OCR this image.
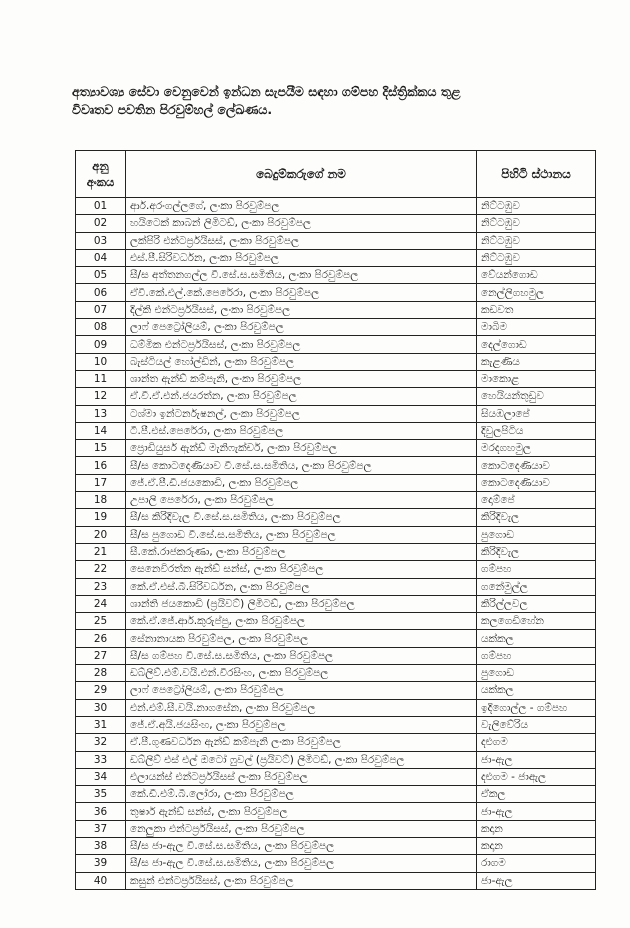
අත්‍යාවශ්‍ය සේවා වෙනුවෙන් ඉන්ධන සැපයීම සඳහා ගම්පහ දිස්ත්‍රික්කය තුළ
විවෘතව පවතින පිරවුම්හල් ලේඛණය.
අනු
අංකය	බෙදුම්කරුගේ නම	පිහිටි ස්ථානය
01	ආර්.අරංගල්ලගේ, ලංකා පිරවුම්පල	නිට්ටඹුව
02	හයිටෙක් කාබන් ලිමිටඩ්, ලංකා පිරවුම්පල	නිට්ටඹුව
03	ලක්පිරි එන්ටර්ප්‍රයිසස්, ලංකා පිරවුම්පල	නිට්ටඹුව
04	එස්.පී.සිරිවර්ධන, ලංකා පිරවුම්පල	නිට්ටඹුව
05	සී/ස අත්තනගල්ල වී.සේ.ස.සමිතිය, ලංකා පිරවුම්පල	වේයන්ගොඩ
06	ඒවී.කේ.එල්.කේ.පෙරේරා, ලංකා පිරවුම්පල	නෙල්ලිගහමුල
07	දිල්කි එන්ටර්ප්‍රයිසස්, ලංකා පිරවුම්පල	කඩවත
08	ලාෆ් පෙට්‍රෝලියම්, ලංකා පිරවුම්පල	මාබිම
09	ධම්මික එන්ටර්ප්‍රයිසස්, ලංකා පිරවුම්පල	දෙල්ගොඩ
10	බැස්ටියල් හෝල්ඩින්, ලංකා පිරවුම්පල	කැළණිය
11	ශාන්ත ඇන්ඩ් කම්පැනි, ලංකා පිරවුම්පල	මාකොළ
12	ඒ.වී.ඒ.එන්.ජයරත්න, ලංකා පිරවුම්පල	හෙයියන්තුඩුව
13	ටශ්මා ඉන්ටර්නැෂනල්, ලංකා පිරවුම්පල	සියඹලාපේ
14	ටී.පී.එස්.පෙරේරා, ලංකා පිරවුම්පල	දිවුලපිටිය
15	ප්‍රොඩියුසර් ඇන්ඩ් මැනිෆැක්චර්, ලංකා පිරවුම්පල	මරදගහමුල
16	සී/ස කොටදෙණියාව වී.සේ.ස.සමිතිය, ලංකා පිරවුම්පල	කොටදෙණියාව
17	ජේ.ඒ.පී.ඩී.ජයකොඩි, ලංකා පිරවුම්පල	කොටදෙණියාව
18	උපාලි පෙරේරා, ලංකා පිරවුම්පල	දොම්පේ
19	සී/ස කිරිදිවැල වී.සේ.ස.සමිතිය, ලංකා පිරවුම්පල	කිරිදිවැල
20	සී/ස පුගොඩ වී.සේ.ස.සමිතිය, ලංකා පිරවුම්පල	පුගොඩ
21	සී.කේ.රාජකරුණා, ලංකා පිරවුම්පල	කිරිදිවැල
22	සෙනෙවිරත්න ඇන්ඩ් සන්ස්, ලංකා පිරවුම්පල	ගම්පහ
23	කේ.ඒ.එස්.බී.සිරිවර්ධන, ලංකා පිරවුම්පල	ගනේමුල්ල
24	ශාන්ති ජයකොඩි (ප්‍රයිවට්) ලිමිටඩ්, ලංකා පිරවුම්පල	කිරිල්ලවල
25	කේ.ඒ.ජේ.ආර්.කුරුප්පු, ලංකා පිරවුම්පල	කලගෙඩිහේන
26	සේනානායක පිරවුම්පල, ලංකා පිරවුම්පල	යක්කල
27	සී/ස ගම්පහ වී.සේ.ස.සමිතිය, ලංකා පිරවුම්පල	ගම්පහ
28	ඩබ්ලිව්.එම්.වයි.එන්.වීරසිංහ, ලංකා පිරවුම්පල	පුගොඩ
29	ලාෆ් පෙට්‍රෝලියම්, ලංකා පිරවුම්පල	යක්කල
30	එන්.එම්.සී.වයි.නාගසේන, ලංකා පිරවුම්පල	ඉදිගොල්ල - ගම්පහ
31	ජේ.ඒ.අයි.ජයසිංහ, ලංකා පිරවුම්පල	වැලිවේරිය
32	ඒ.පී.ගුණවර්ධන ඇන්ඩ් කම්පැනි ලංකා පිරවුම්පල	දළුගම
33	ඩබ්ලිව් එස් එල් ඔටෝ ෆුවල් (ප්‍රයිවට්) ලිමිටඩ්, ලංකා පිරවුම්පල	ජා-ඇල
34	එලායන්ස් එන්ටර්ප්‍රයිසස් ලංකා පිරවුම්පල	දළුගම - ජාඇල
35	කේ.ඩී.එම්.බී.ලෝරා, ලංකා පිරවුම්පල	ඒකල
36	තුෂාර් ඇන්ඩ් සන්ස්, ලංකා පිරවුම්පල	ජා-ඇල
37	නෙලුකා එන්ටර්ප්‍රයිසස්, ලංකා පිරවුම්පල	කදාන
38	සී/ස ජා-ඇල වී.සේ.ස.සමිතිය, ලංකා පිරවුම්පල	කදාන
39	සී/ස ජා-ඇල වී.සේ.ස.සමිතිය, ලංකා පිරවුම්පල	රාගම
40	කසුන් එන්ටර්ප්‍රයිසස්, ලංකා පිරවුම්පල	ජා-ඇල
